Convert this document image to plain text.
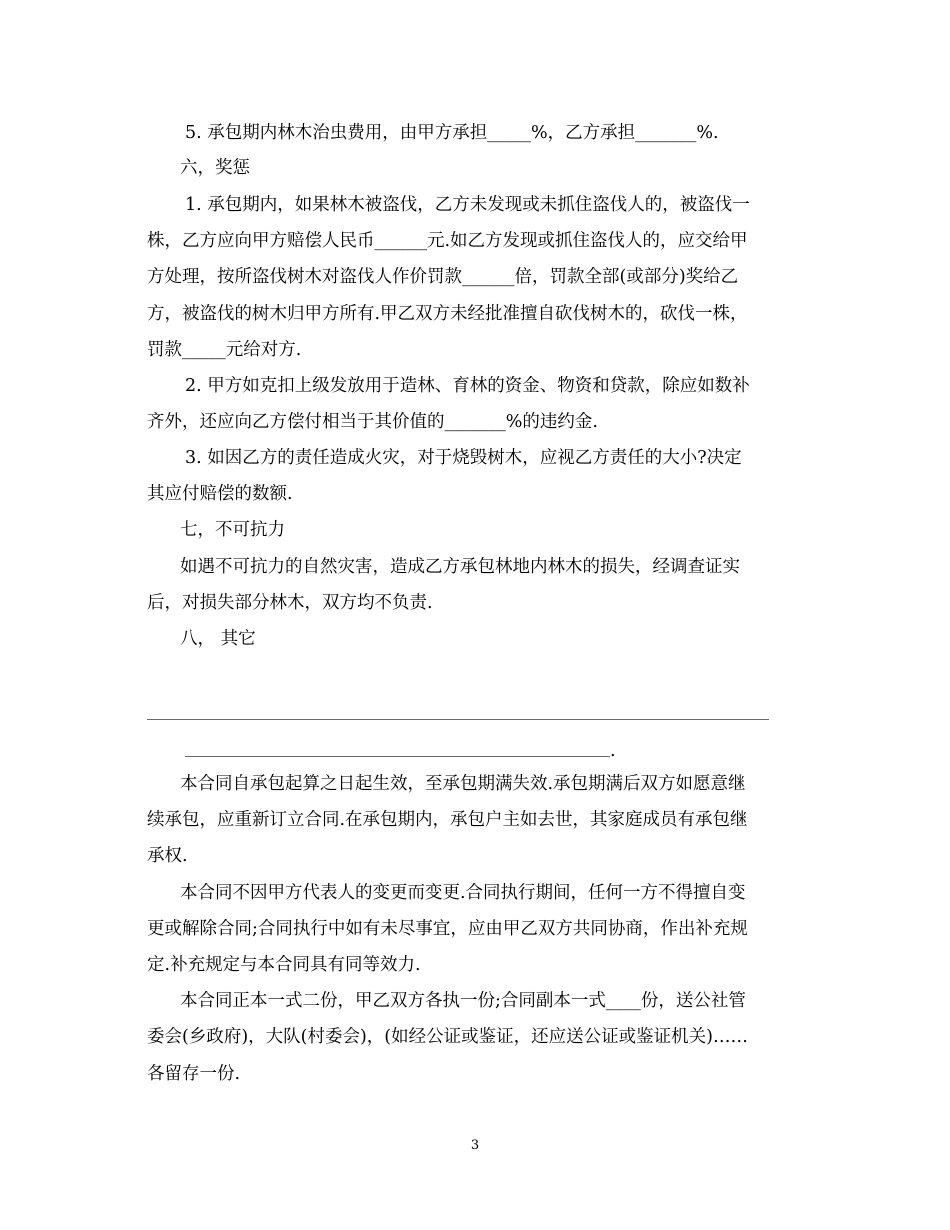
5. 承包期内林木治虫费用，由甲方承担_____%，乙方承担_______%.
六，奖惩
1. 承包期内，如果林木被盗伐，乙方未发现或未抓住盗伐人的，被盗伐一
株，乙方应向甲方赔偿人民币______元.如乙方发现或抓住盗伐人的，应交给甲
方处理，按所盗伐树木对盗伐人作价罚款______倍，罚款全部(或部分)奖给乙
方，被盗伐的树木归甲方所有.甲乙双方未经批准擅自砍伐树木的，砍伐一株，
罚款_____元给对方.
2. 甲方如克扣上级发放用于造林、育林的资金、物资和贷款，除应如数补
齐外，还应向乙方偿付相当于其价值的_______%的违约金.
3. 如因乙方的责任造成火灾，对于烧毁树木，应视乙方责任的大小?决定
其应付赔偿的数额.
七，不可抗力
如遇不可抗力的自然灾害，造成乙方承包林地内林木的损失，经调查证实
后，对损失部分林木，双方均不负责.
八， 其它
.
本合同自承包起算之日起生效，至承包期满失效.承包期满后双方如愿意继
续承包，应重新订立合同.在承包期内，承包户主如去世，其家庭成员有承包继
承权.
本合同不因甲方代表人的变更而变更.合同执行期间，任何一方不得擅自变
更或解除合同;合同执行中如有未尽事宜，应由甲乙双方共同协商，作出补充规
定.补充规定与本合同具有同等效力.
本合同正本一式二份，甲乙双方各执一份;合同副本一式____份，送公社管
委会(乡政府)，大队(村委会)，(如经公证或鉴证，还应送公证或鉴证机关)……
各留存一份.
3
